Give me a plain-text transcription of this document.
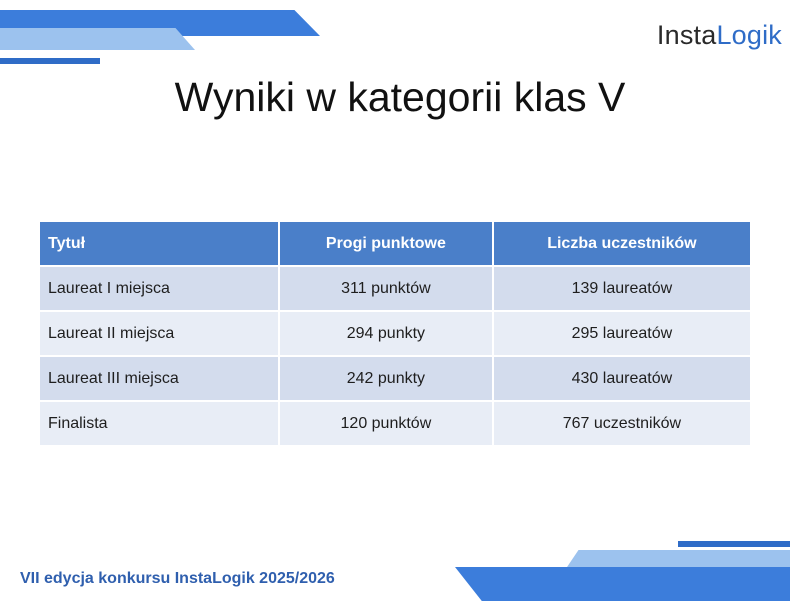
InstaLogik
Wyniki w kategorii klas V
Tytuł	Progi punktowe	Liczba uczestników
Laureat I miejsca	311 punktów	139 laureatów
Laureat II miejsca	294 punkty	295 laureatów
Laureat III miejsca	242 punkty	430 laureatów
Finalista	120 punktów	767 uczestników
VII edycja konkursu InstaLogik 2025/2026
